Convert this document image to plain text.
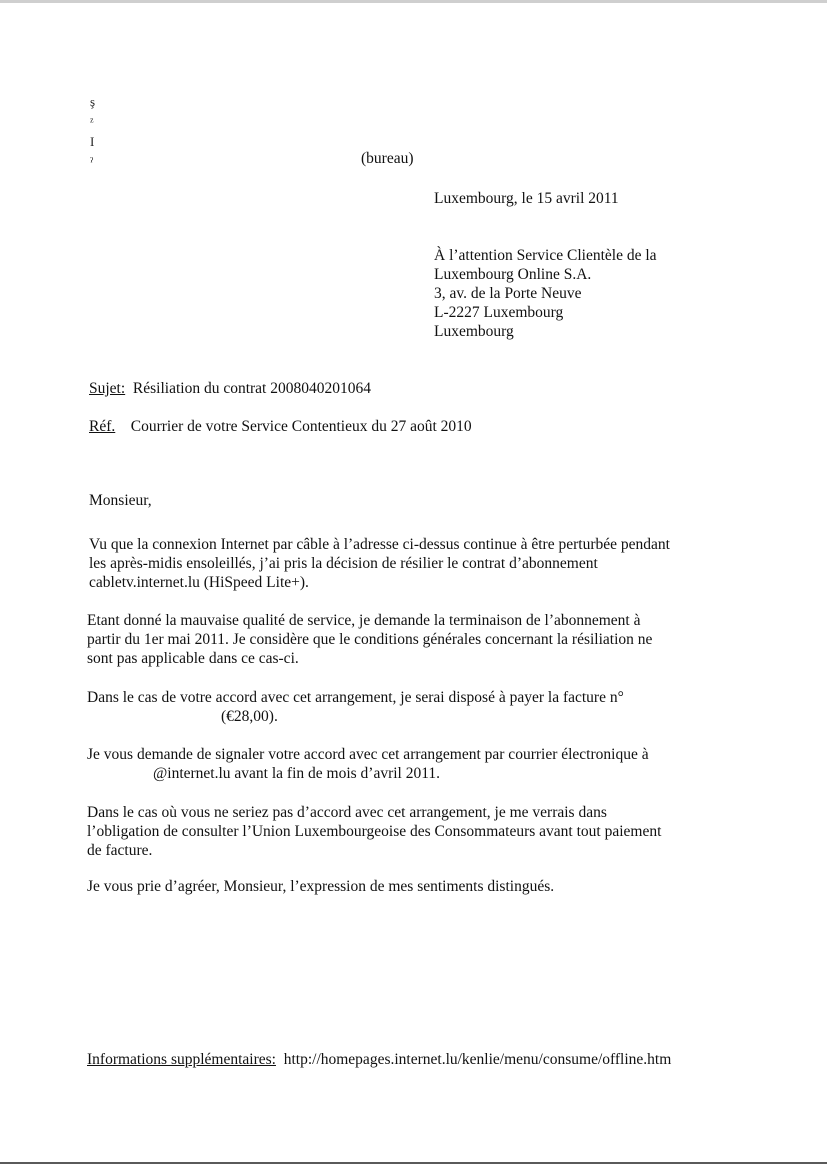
ş
ᶻ
I
ˀ	(bureau)
Luxembourg, le 15 avril 2011
À l’attention Service Clientèle de la
Luxembourg Online S.A.
3, av. de la Porte Neuve
L-2227 Luxembourg
Luxembourg
Sujet: Résiliation du contrat 2008040201064
Réf. Courrier de votre Service Contentieux du 27 août 2010
Monsieur,
Vu que la connexion Internet par câble à l’adresse ci-dessus continue à être perturbée pendant
les après-midis ensoleillés, j’ai pris la décision de résilier le contrat d’abonnement
cabletv.internet.lu (HiSpeed Lite+).
Etant donné la mauvaise qualité de service, je demande la terminaison de l’abonnement à
partir du 1er mai 2011. Je considère que le conditions générales concernant la résiliation ne
sont pas applicable dans ce cas-ci.
Dans le cas de votre accord avec cet arrangement, je serai disposé à payer la facture n°
(€28,00).
Je vous demande de signaler votre accord avec cet arrangement par courrier électronique à
@internet.lu avant la fin de mois d’avril 2011.
Dans le cas où vous ne seriez pas d’accord avec cet arrangement, je me verrais dans
l’obligation de consulter l’Union Luxembourgeoise des Consommateurs avant tout paiement
de facture.
Je vous prie d’agréer, Monsieur, l’expression de mes sentiments distingués.
Informations supplémentaires: http://homepages.internet.lu/kenlie/menu/consume/offline.htm
